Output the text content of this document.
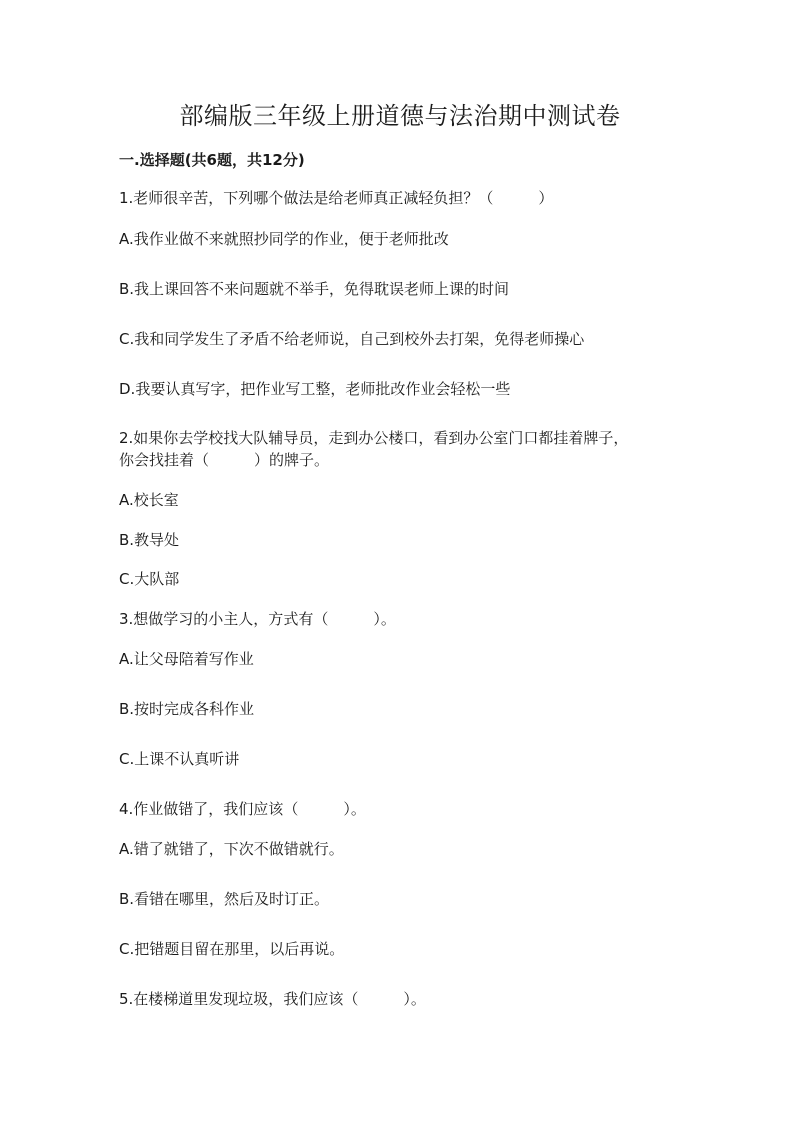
部编版三年级上册道德与法治期中测试卷
一.选择题(共6题，共12分)
1.老师很辛苦，下列哪个做法是给老师真正减轻负担？（　　　）
A.我作业做不来就照抄同学的作业，便于老师批改
B.我上课回答不来问题就不举手，免得耽误老师上课的时间
C.我和同学发生了矛盾不给老师说，自己到校外去打架，免得老师操心
D.我要认真写字，把作业写工整，老师批改作业会轻松一些
2.如果你去学校找大队辅导员，走到办公楼口，看到办公室门口都挂着牌子，
你会找挂着（　　　）的牌子。
A.校长室
B.教导处
C.大队部
3.想做学习的小主人，方式有（　　　）。
A.让父母陪着写作业
B.按时完成各科作业
C.上课不认真听讲
4.作业做错了，我们应该（　　　）。
A.错了就错了，下次不做错就行。
B.看错在哪里，然后及时订正。
C.把错题目留在那里，以后再说。
5.在楼梯道里发现垃圾，我们应该（　　　）。
